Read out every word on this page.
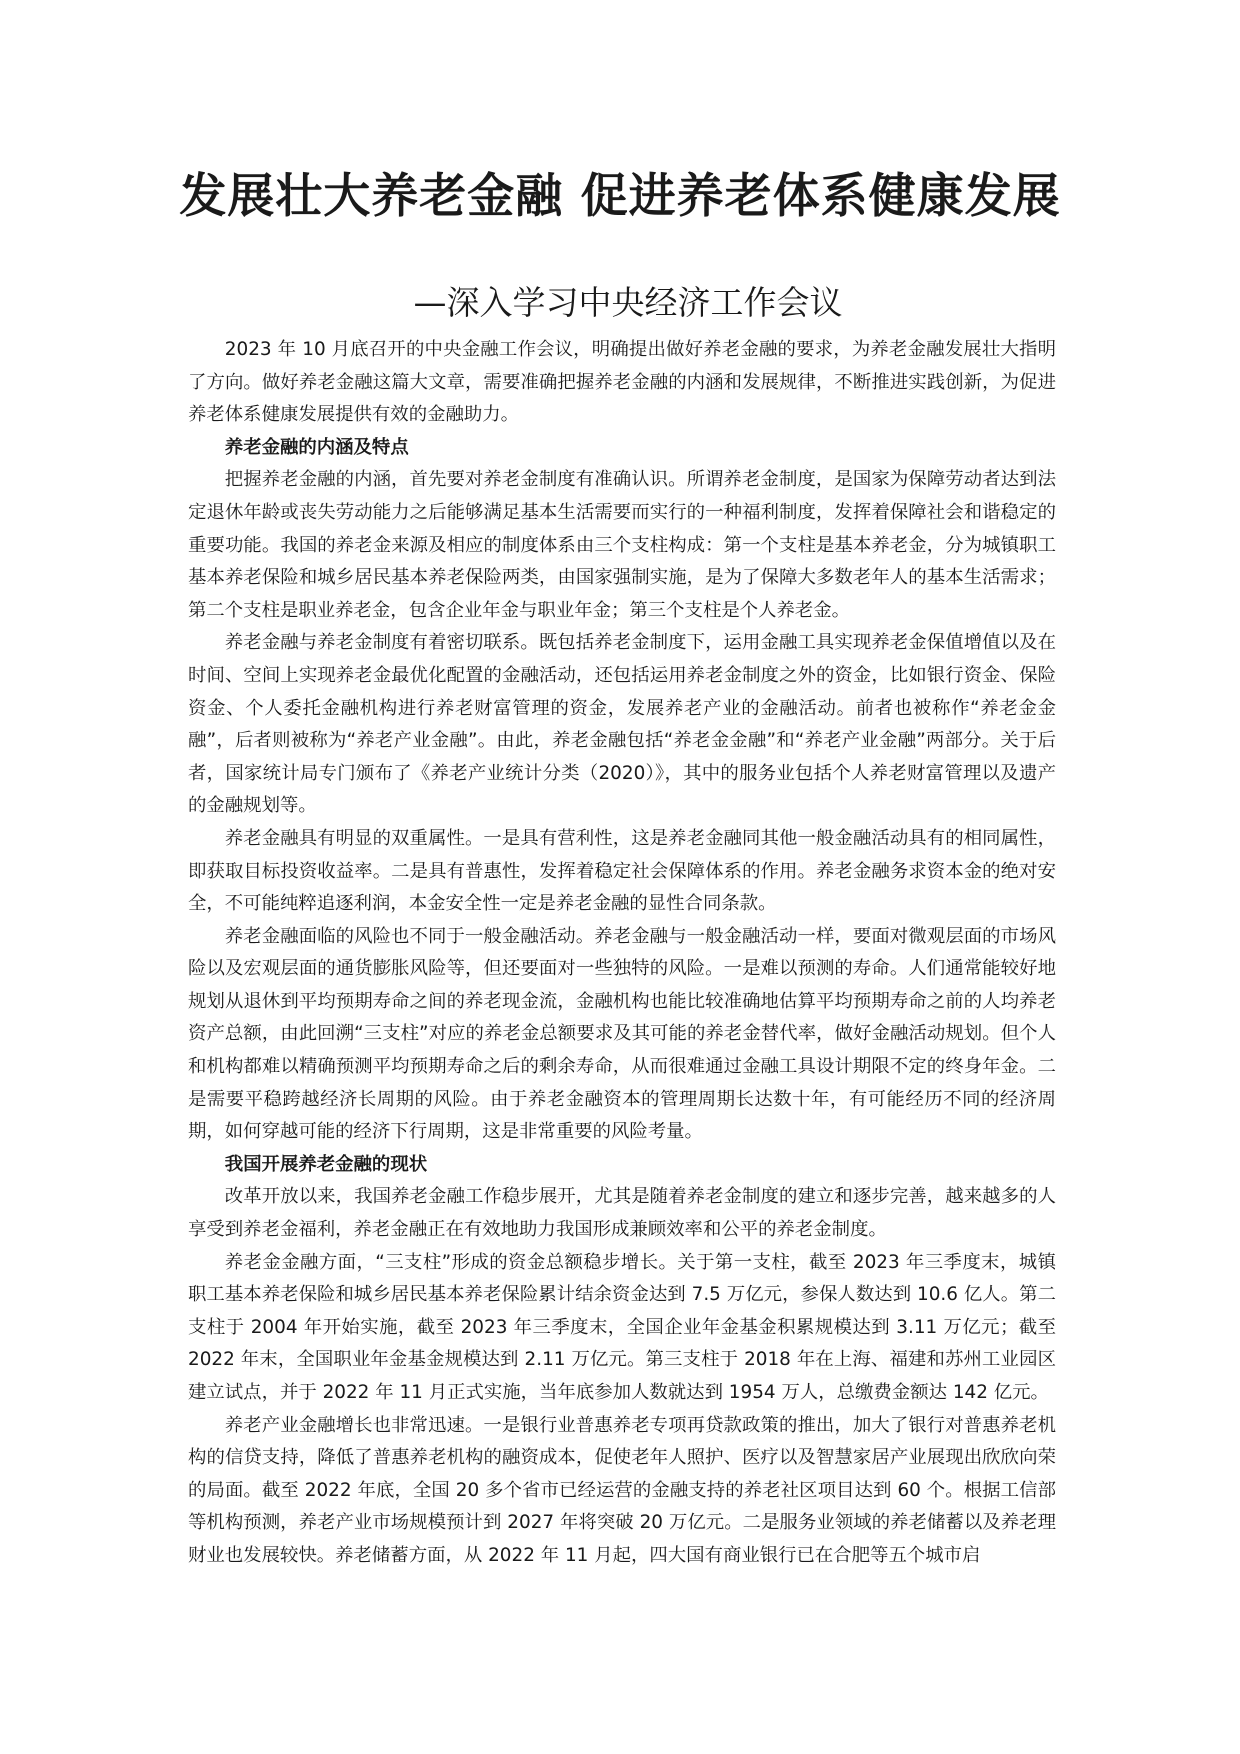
发展壮大养老金融 促进养老体系健康发展
—深入学习中央经济工作会议

2023 年 10 月底召开的中央金融工作会议，明确提出做好养老金融的要求，为养老金融发展壮大指明了方向。做好养老金融这篇大文章，需要准确把握养老金融的内涵和发展规律，不断推进实践创新，为促进养老体系健康发展提供有效的金融助力。

养老金融的内涵及特点

把握养老金融的内涵，首先要对养老金制度有准确认识。所谓养老金制度，是国家为保障劳动者达到法定退休年龄或丧失劳动能力之后能够满足基本生活需要而实行的一种福利制度，发挥着保障社会和谐稳定的重要功能。我国的养老金来源及相应的制度体系由三个支柱构成：第一个支柱是基本养老金，分为城镇职工基本养老保险和城乡居民基本养老保险两类，由国家强制实施，是为了保障大多数老年人的基本生活需求；第二个支柱是职业养老金，包含企业年金与职业年金；第三个支柱是个人养老金。

养老金融与养老金制度有着密切联系。既包括养老金制度下，运用金融工具实现养老金保值增值以及在时间、空间上实现养老金最优化配置的金融活动，还包括运用养老金制度之外的资金，比如银行资金、保险资金、个人委托金融机构进行养老财富管理的资金，发展养老产业的金融活动。前者也被称作“养老金金融”，后者则被称为“养老产业金融”。由此，养老金融包括“养老金金融”和“养老产业金融”两部分。关于后者，国家统计局专门颁布了《养老产业统计分类（2020）》，其中的服务业包括个人养老财富管理以及遗产的金融规划等。

养老金融具有明显的双重属性。一是具有营利性，这是养老金融同其他一般金融活动具有的相同属性，即获取目标投资收益率。二是具有普惠性，发挥着稳定社会保障体系的作用。养老金融务求资本金的绝对安全，不可能纯粹追逐利润，本金安全性一定是养老金融的显性合同条款。

养老金融面临的风险也不同于一般金融活动。养老金融与一般金融活动一样，要面对微观层面的市场风险以及宏观层面的通货膨胀风险等，但还要面对一些独特的风险。一是难以预测的寿命。人们通常能较好地规划从退休到平均预期寿命之间的养老现金流，金融机构也能比较准确地估算平均预期寿命之前的人均养老资产总额，由此回溯“三支柱”对应的养老金总额要求及其可能的养老金替代率，做好金融活动规划。但个人和机构都难以精确预测平均预期寿命之后的剩余寿命，从而很难通过金融工具设计期限不定的终身年金。二是需要平稳跨越经济长周期的风险。由于养老金融资本的管理周期长达数十年，有可能经历不同的经济周期，如何穿越可能的经济下行周期，这是非常重要的风险考量。

我国开展养老金融的现状

改革开放以来，我国养老金融工作稳步展开，尤其是随着养老金制度的建立和逐步完善，越来越多的人享受到养老金福利，养老金融正在有效地助力我国形成兼顾效率和公平的养老金制度。

养老金金融方面，“三支柱”形成的资金总额稳步增长。关于第一支柱，截至 2023 年三季度末，城镇职工基本养老保险和城乡居民基本养老保险累计结余资金达到 7.5 万亿元，参保人数达到 10.6 亿人。第二支柱于 2004 年开始实施，截至 2023 年三季度末，全国企业年金基金积累规模达到 3.11 万亿元；截至 2022 年末，全国职业年金基金规模达到 2.11 万亿元。第三支柱于 2018 年在上海、福建和苏州工业园区建立试点，并于 2022 年 11 月正式实施，当年底参加人数就达到 1954 万人，总缴费金额达 142 亿元。

养老产业金融增长也非常迅速。一是银行业普惠养老专项再贷款政策的推出，加大了银行对普惠养老机构的信贷支持，降低了普惠养老机构的融资成本，促使老年人照护、医疗以及智慧家居产业展现出欣欣向荣的局面。截至 2022 年底，全国 20 多个省市已经运营的金融支持的养老社区项目达到 60 个。根据工信部等机构预测，养老产业市场规模预计到 2027 年将突破 20 万亿元。二是服务业领域的养老储蓄以及养老理财业也发展较快。养老储蓄方面，从 2022 年 11 月起，四大国有商业银行已在合肥等五个城市启
